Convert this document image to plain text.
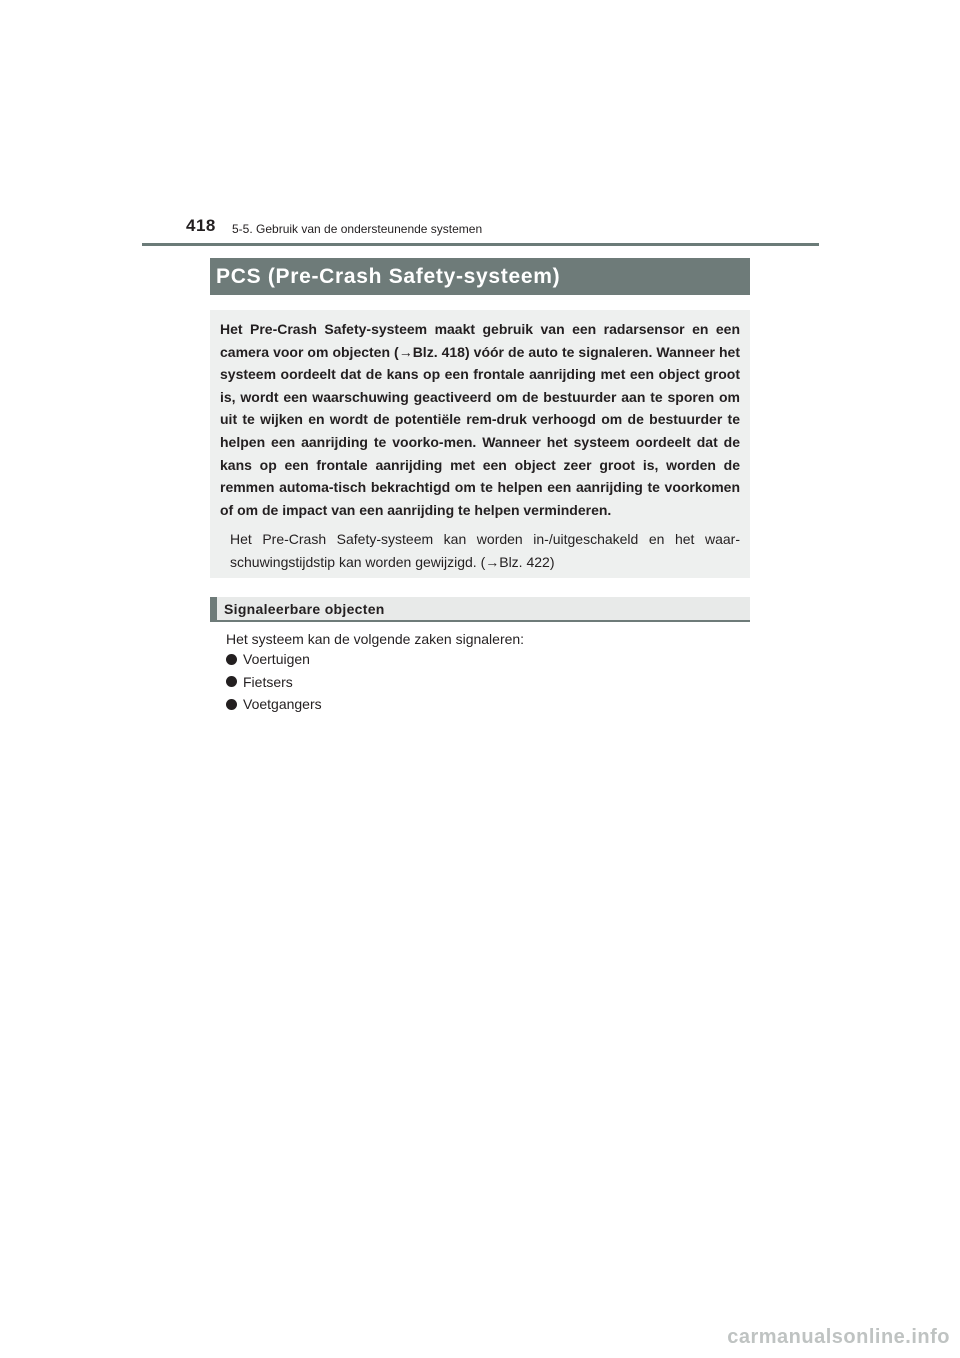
418 5-5. Gebruik van de ondersteunende systemen
PCS (Pre-Crash Safety-systeem)

Het Pre-Crash Safety-systeem maakt gebruik van een radarsensor en een camera voor om objecten (→Blz. 418) vóór de auto te signaleren. Wanneer het systeem oordeelt dat de kans op een frontale aanrijding met een object groot is, wordt een waarschuwing geactiveerd om de bestuurder aan te sporen om uit te wijken en wordt de potentiële rem-druk verhoogd om de bestuurder te helpen een aanrijding te voorko-men. Wanneer het systeem oordeelt dat de kans op een frontale aanrijding met een object zeer groot is, worden de remmen automa-tisch bekrachtigd om te helpen een aanrijding te voorkomen of om de impact van een aanrijding te helpen verminderen.

Het Pre-Crash Safety-systeem kan worden in-/uitgeschakeld en het waar-schuwingstijdstip kan worden gewijzigd. (→Blz. 422)

Signaleerbare objecten

Het systeem kan de volgende zaken signaleren:

Voertuigen
Fietsers
Voetgangers
carmanualsonline.info
